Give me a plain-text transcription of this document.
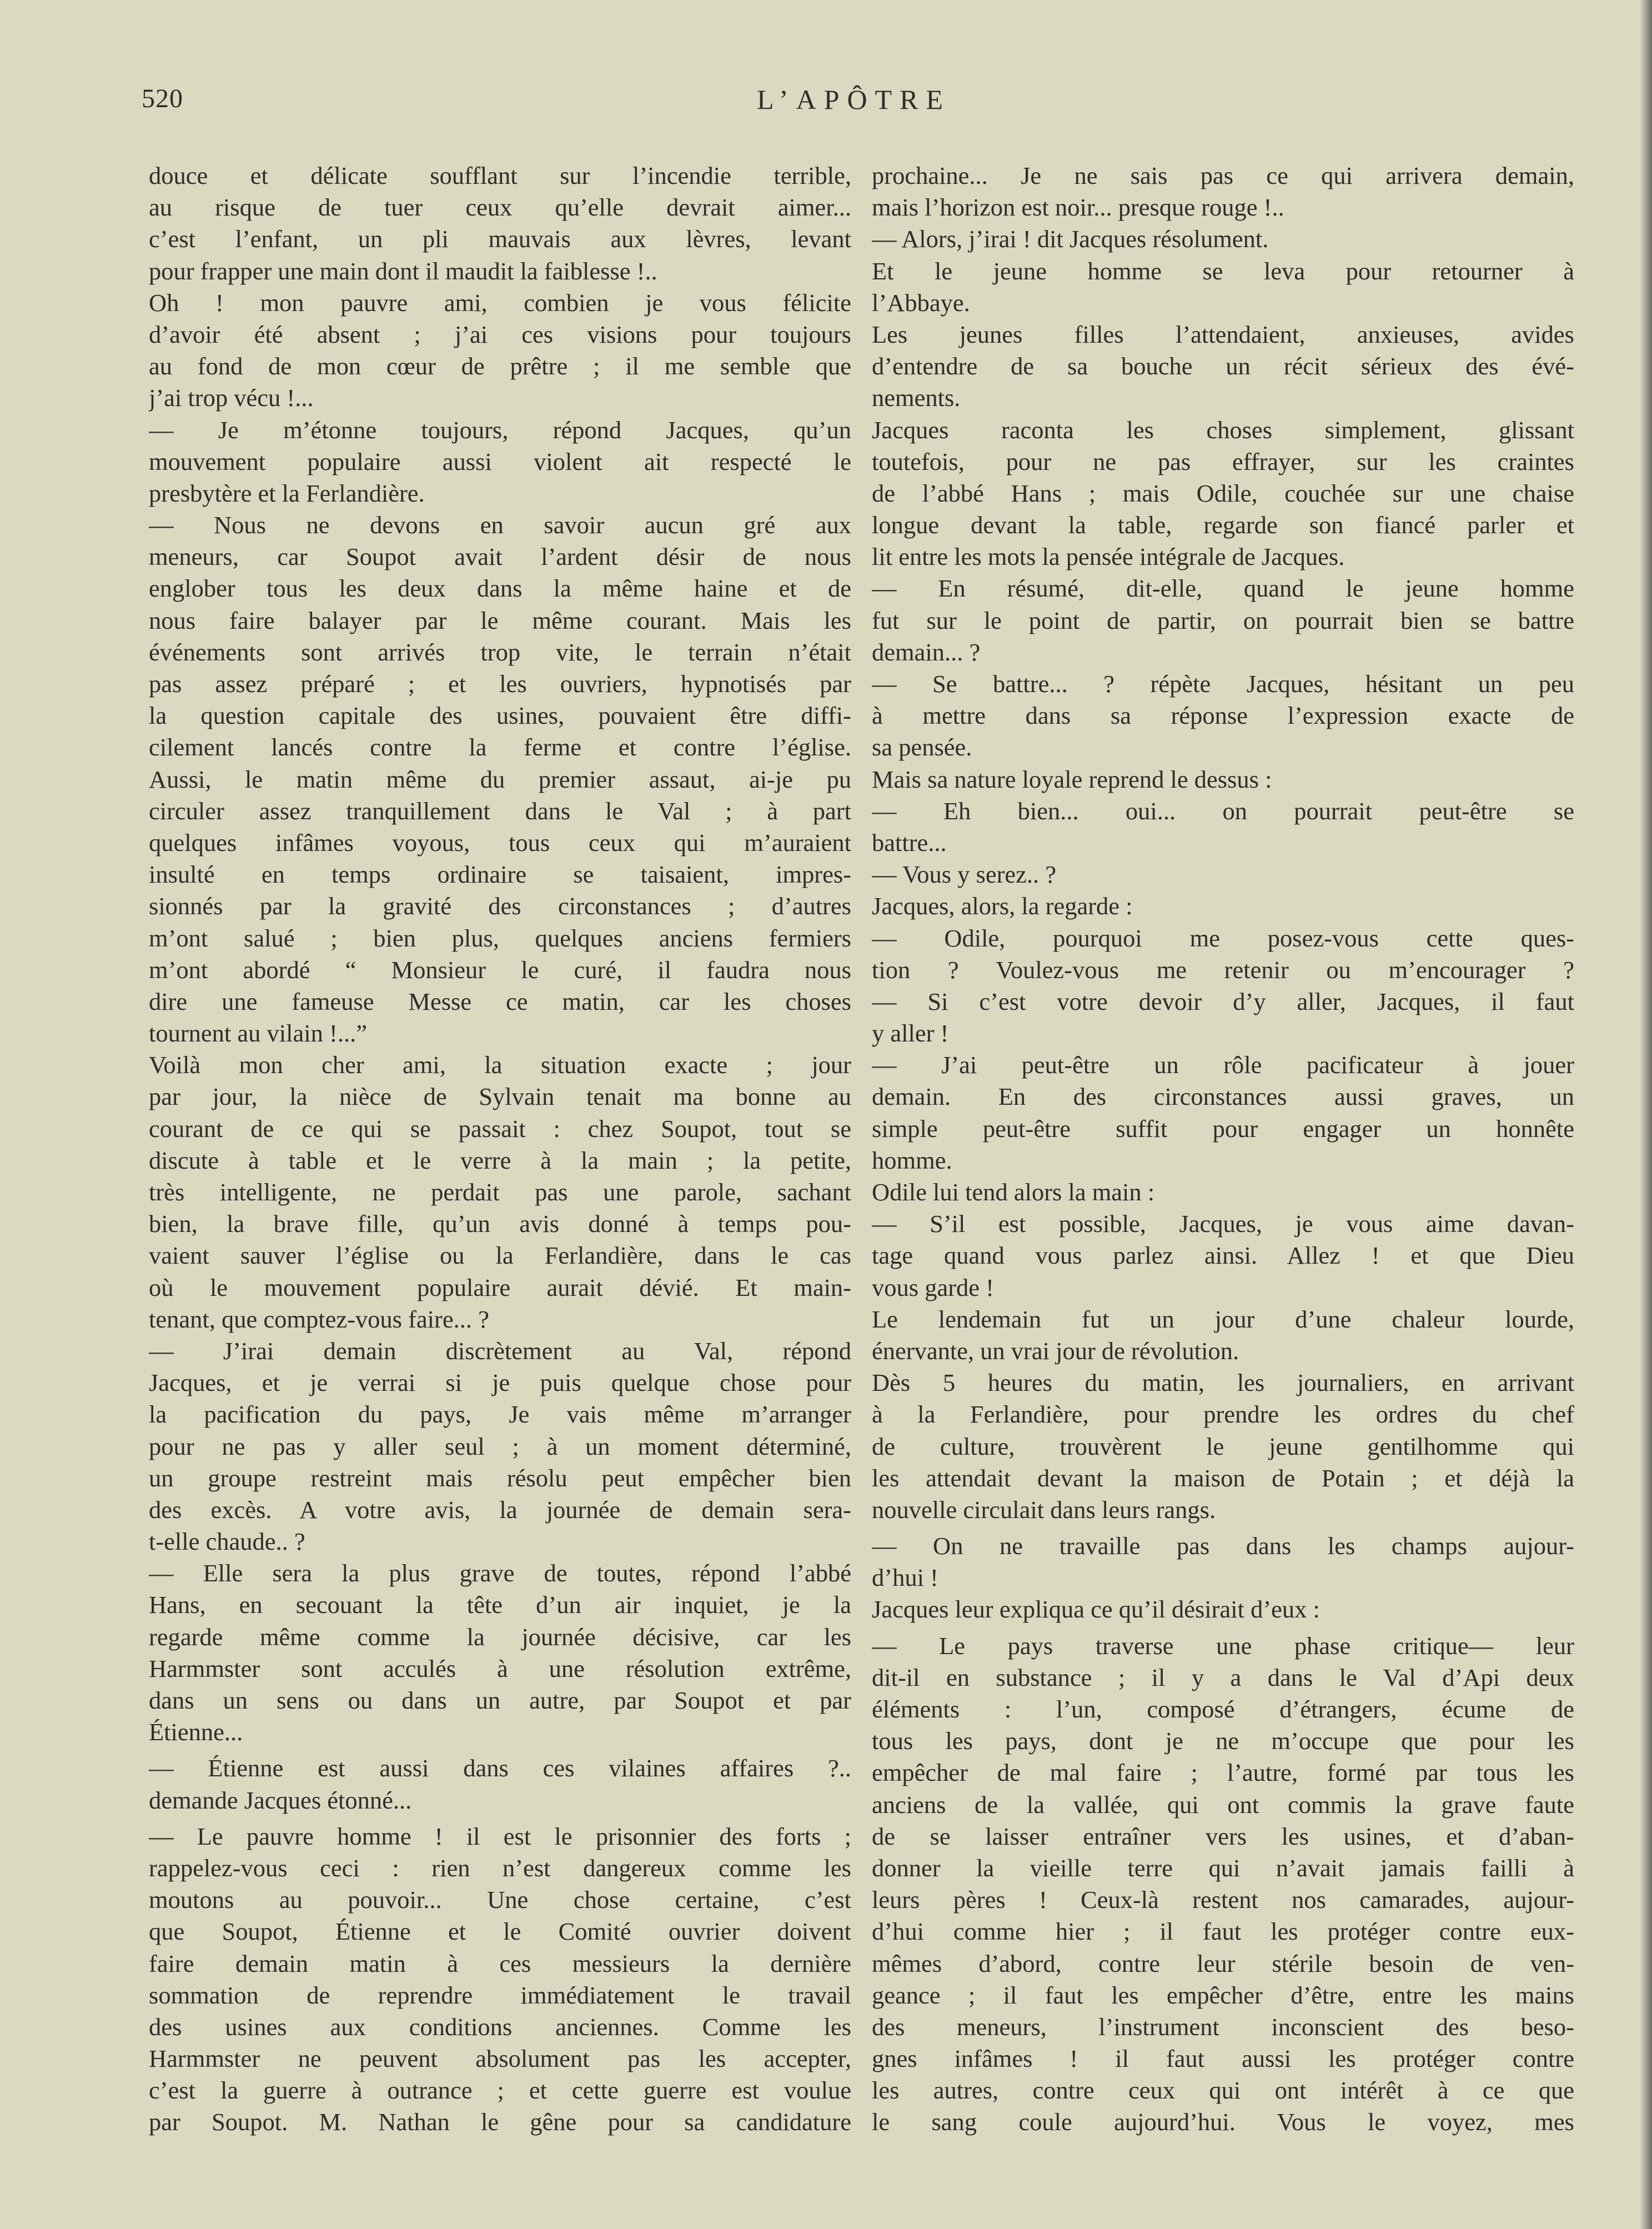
520	L’APÔTRE
douce et délicate soufflant sur l’incendie terrible,
au risque de tuer ceux qu’elle devrait aimer...
c’est l’enfant, un pli mauvais aux lèvres, levant
pour frapper une main dont il maudit la faiblesse !..
Oh ! mon pauvre ami, combien je vous félicite
d’avoir été absent ; j’ai ces visions pour toujours
au fond de mon cœur de prêtre ; il me semble que
j’ai trop vécu !...
— Je m’étonne toujours, répond Jacques, qu’un
mouvement populaire aussi violent ait respecté le
presbytère et la Ferlandière.
— Nous ne devons en savoir aucun gré aux
meneurs, car Soupot avait l’ardent désir de nous
englober tous les deux dans la même haine et de
nous faire balayer par le même courant. Mais les
événements sont arrivés trop vite, le terrain n’était
pas assez préparé ; et les ouvriers, hypnotisés par
la question capitale des usines, pouvaient être diffi-
cilement lancés contre la ferme et contre l’église.
Aussi, le matin même du premier assaut, ai-je pu
circuler assez tranquillement dans le Val ; à part
quelques infâmes voyous, tous ceux qui m’auraient
insulté en temps ordinaire se taisaient, impres-
sionnés par la gravité des circonstances ; d’autres
m’ont salué ; bien plus, quelques anciens fermiers
m’ont abordé “ Monsieur le curé, il faudra nous
dire une fameuse Messe ce matin, car les choses
tournent au vilain !...”
Voilà mon cher ami, la situation exacte ; jour
par jour, la nièce de Sylvain tenait ma bonne au
courant de ce qui se passait : chez Soupot, tout se
discute à table et le verre à la main ; la petite,
très intelligente, ne perdait pas une parole, sachant
bien, la brave fille, qu’un avis donné à temps pou-
vaient sauver l’église ou la Ferlandière, dans le cas
où le mouvement populaire aurait dévié. Et main-
tenant, que comptez-vous faire... ?
— J’irai demain discrètement au Val, répond
Jacques, et je verrai si je puis quelque chose pour
la pacification du pays, Je vais même m’arranger
pour ne pas y aller seul ; à un moment déterminé,
un groupe restreint mais résolu peut empêcher bien
des excès. A votre avis, la journée de demain sera-
t-elle chaude.. ?
— Elle sera la plus grave de toutes, répond l’abbé
Hans, en secouant la tête d’un air inquiet, je la
regarde même comme la journée décisive, car les
Harmmster sont acculés à une résolution extrême,
dans un sens ou dans un autre, par Soupot et par
Étienne...
— Étienne est aussi dans ces vilaines affaires ?..
demande Jacques étonné...
— Le pauvre homme ! il est le prisonnier des forts ;
rappelez-vous ceci : rien n’est dangereux comme les
moutons au pouvoir... Une chose certaine, c’est
que Soupot, Étienne et le Comité ouvrier doivent
faire demain matin à ces messieurs la dernière
sommation de reprendre immédiatement le travail
des usines aux conditions anciennes. Comme les
Harmmster ne peuvent absolument pas les accepter,
c’est la guerre à outrance ; et cette guerre est voulue
par Soupot. M. Nathan le gêne pour sa candidature
prochaine... Je ne sais pas ce qui arrivera demain,
mais l’horizon est noir... presque rouge !..
— Alors, j’irai ! dit Jacques résolument.
Et le jeune homme se leva pour retourner à
l’Abbaye.
Les jeunes filles l’attendaient, anxieuses, avides
d’entendre de sa bouche un récit sérieux des évé-
nements.
Jacques raconta les choses simplement, glissant
toutefois, pour ne pas effrayer, sur les craintes
de l’abbé Hans ; mais Odile, couchée sur une chaise
longue devant la table, regarde son fiancé parler et
lit entre les mots la pensée intégrale de Jacques.
— En résumé, dit-elle, quand le jeune homme
fut sur le point de partir, on pourrait bien se battre
demain... ?
— Se battre... ? répète Jacques, hésitant un peu
à mettre dans sa réponse l’expression exacte de
sa pensée.
Mais sa nature loyale reprend le dessus :
— Eh bien... oui... on pourrait peut-être se
battre...
— Vous y serez.. ?
Jacques, alors, la regarde :
— Odile, pourquoi me posez-vous cette ques-
tion ? Voulez-vous me retenir ou m’encourager ?
— Si c’est votre devoir d’y aller, Jacques, il faut
y aller !
— J’ai peut-être un rôle pacificateur à jouer
demain. En des circonstances aussi graves, un
simple peut-être suffit pour engager un honnête
homme.
Odile lui tend alors la main :
— S’il est possible, Jacques, je vous aime davan-
tage quand vous parlez ainsi. Allez ! et que Dieu
vous garde !
Le lendemain fut un jour d’une chaleur lourde,
énervante, un vrai jour de révolution.
Dès 5 heures du matin, les journaliers, en arrivant
à la Ferlandière, pour prendre les ordres du chef
de culture, trouvèrent le jeune gentilhomme qui
les attendait devant la maison de Potain ; et déjà la
nouvelle circulait dans leurs rangs.
— On ne travaille pas dans les champs aujour-
d’hui !
Jacques leur expliqua ce qu’il désirait d’eux :
— Le pays traverse une phase critique— leur
dit-il en substance ; il y a dans le Val d’Api deux
éléments : l’un, composé d’étrangers, écume de
tous les pays, dont je ne m’occupe que pour les
empêcher de mal faire ; l’autre, formé par tous les
anciens de la vallée, qui ont commis la grave faute
de se laisser entraîner vers les usines, et d’aban-
donner la vieille terre qui n’avait jamais failli à
leurs pères ! Ceux-là restent nos camarades, aujour-
d’hui comme hier ; il faut les protéger contre eux-
mêmes d’abord, contre leur stérile besoin de ven-
geance ; il faut les empêcher d’être, entre les mains
des meneurs, l’instrument inconscient des beso-
gnes infâmes ! il faut aussi les protéger contre
les autres, contre ceux qui ont intérêt à ce que
le sang coule aujourd’hui. Vous le voyez, mes
